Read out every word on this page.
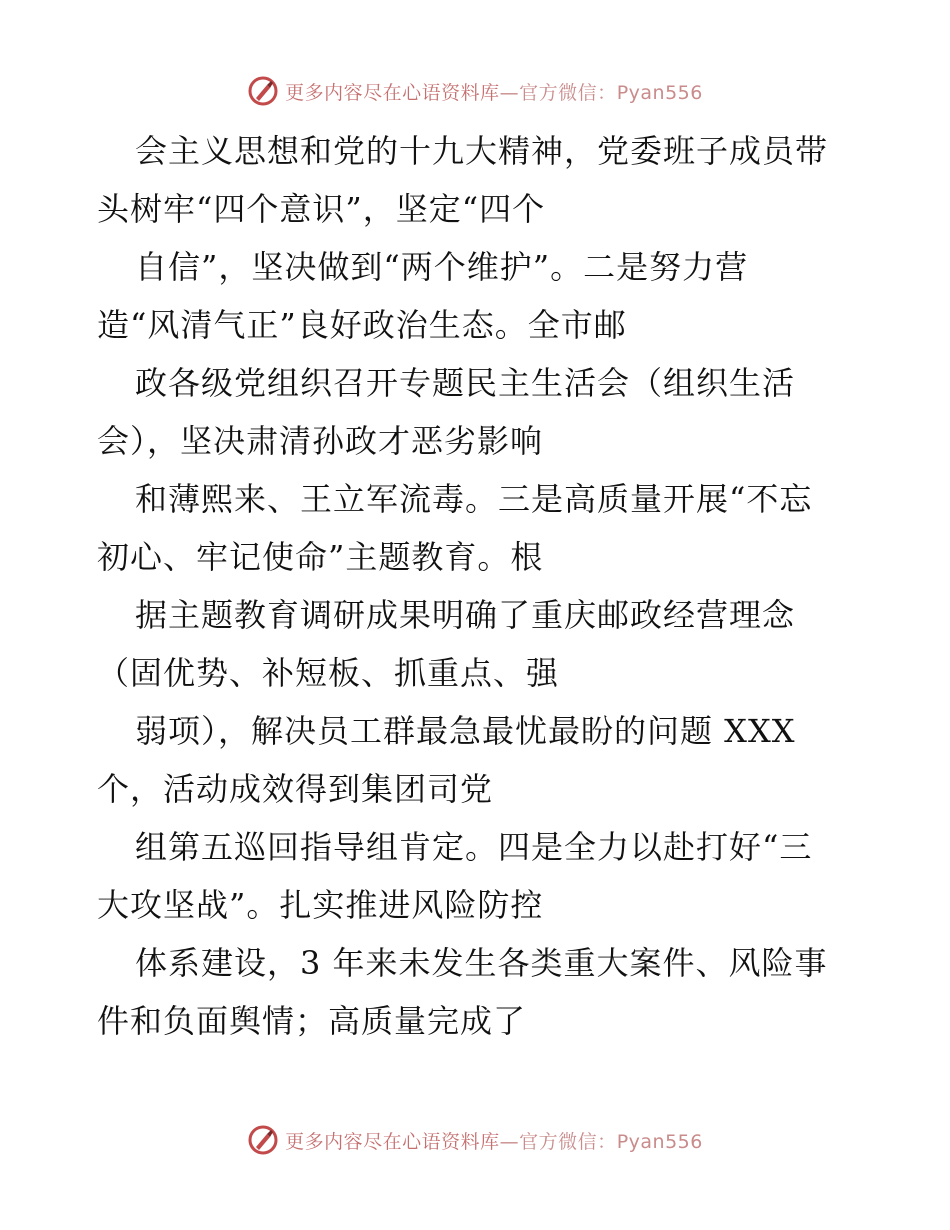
更多内容尽在心语资料库—官方微信：Pyan556
会主义思想和党的十九大精神，党委班子成员带
头树牢“四个意识”，坚定“四个
自信”，坚决做到“两个维护”。二是努力营
造“风清气正”良好政治生态。全市邮
政各级党组织召开专题民主生活会（组织生活
会），坚决肃清孙政才恶劣影响
和薄熙来、王立军流毒。三是高质量开展“不忘
初心、牢记使命”主题教育。根
据主题教育调研成果明确了重庆邮政经营理念
（固优势、补短板、抓重点、强
弱项），解决员工群最急最忧最盼的问题 XXX
个，活动成效得到集团司党
组第五巡回指导组肯定。四是全力以赴打好“三
大攻坚战”。扎实推进风险防控
体系建设，3 年来未发生各类重大案件、风险事
件和负面舆情；高质量完成了
更多内容尽在心语资料库—官方微信：Pyan556
